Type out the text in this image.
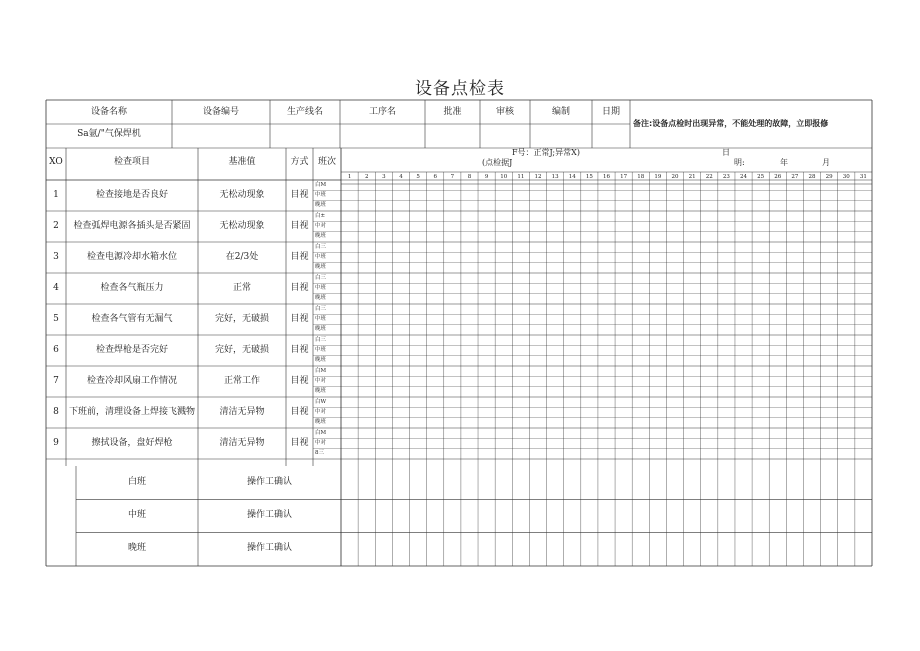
设备点检表
设备名称	设备编号	生产线名	工序名	批准	审核	编制	日期
Sa氩/"气保焊机
备注:设备点检时出现异常，不能处理的故障，立即报修
XO	检查项目	基准值	方式	班次
F号：正常J;异常X)
(点检据J
日
明:	年	月
1	2	3	4	5	6	7	8	9	10	11	12	13	14	15	16	17	18	19	20	21	22	23	24	25	26	27	28	29	30	31
1	检查接地是否良好	无松动现象	目视
白M
中班
晚班
2	检查弧焊电源各插头是否紧固	无松动现象	目视
白±
中对
晚班
3	检查电源冷却水箱水位	在2/3处	目视
白三
中班
晚班
4	检查各气瓶压力	正常	目视
白三
中班
晚班
5	检查各气管有无漏气	完好，无破损	目视
白三
中班
晚班
6	检查焊枪是否完好	完好，无破损	目视
白三
中班
晚班
7	检查冷却风扇工作情况	正常工作	目视
白M
中对
晚班
8	下班前，清理设备上焊接飞溅物	清洁无异物	目视
白W
中对
晚班
9	擦拭设备，盘好焊枪	清洁无异物	目视
白M
中对
8三
白班	操作工确认
中班	操作工确认
晚班	操作工确认
